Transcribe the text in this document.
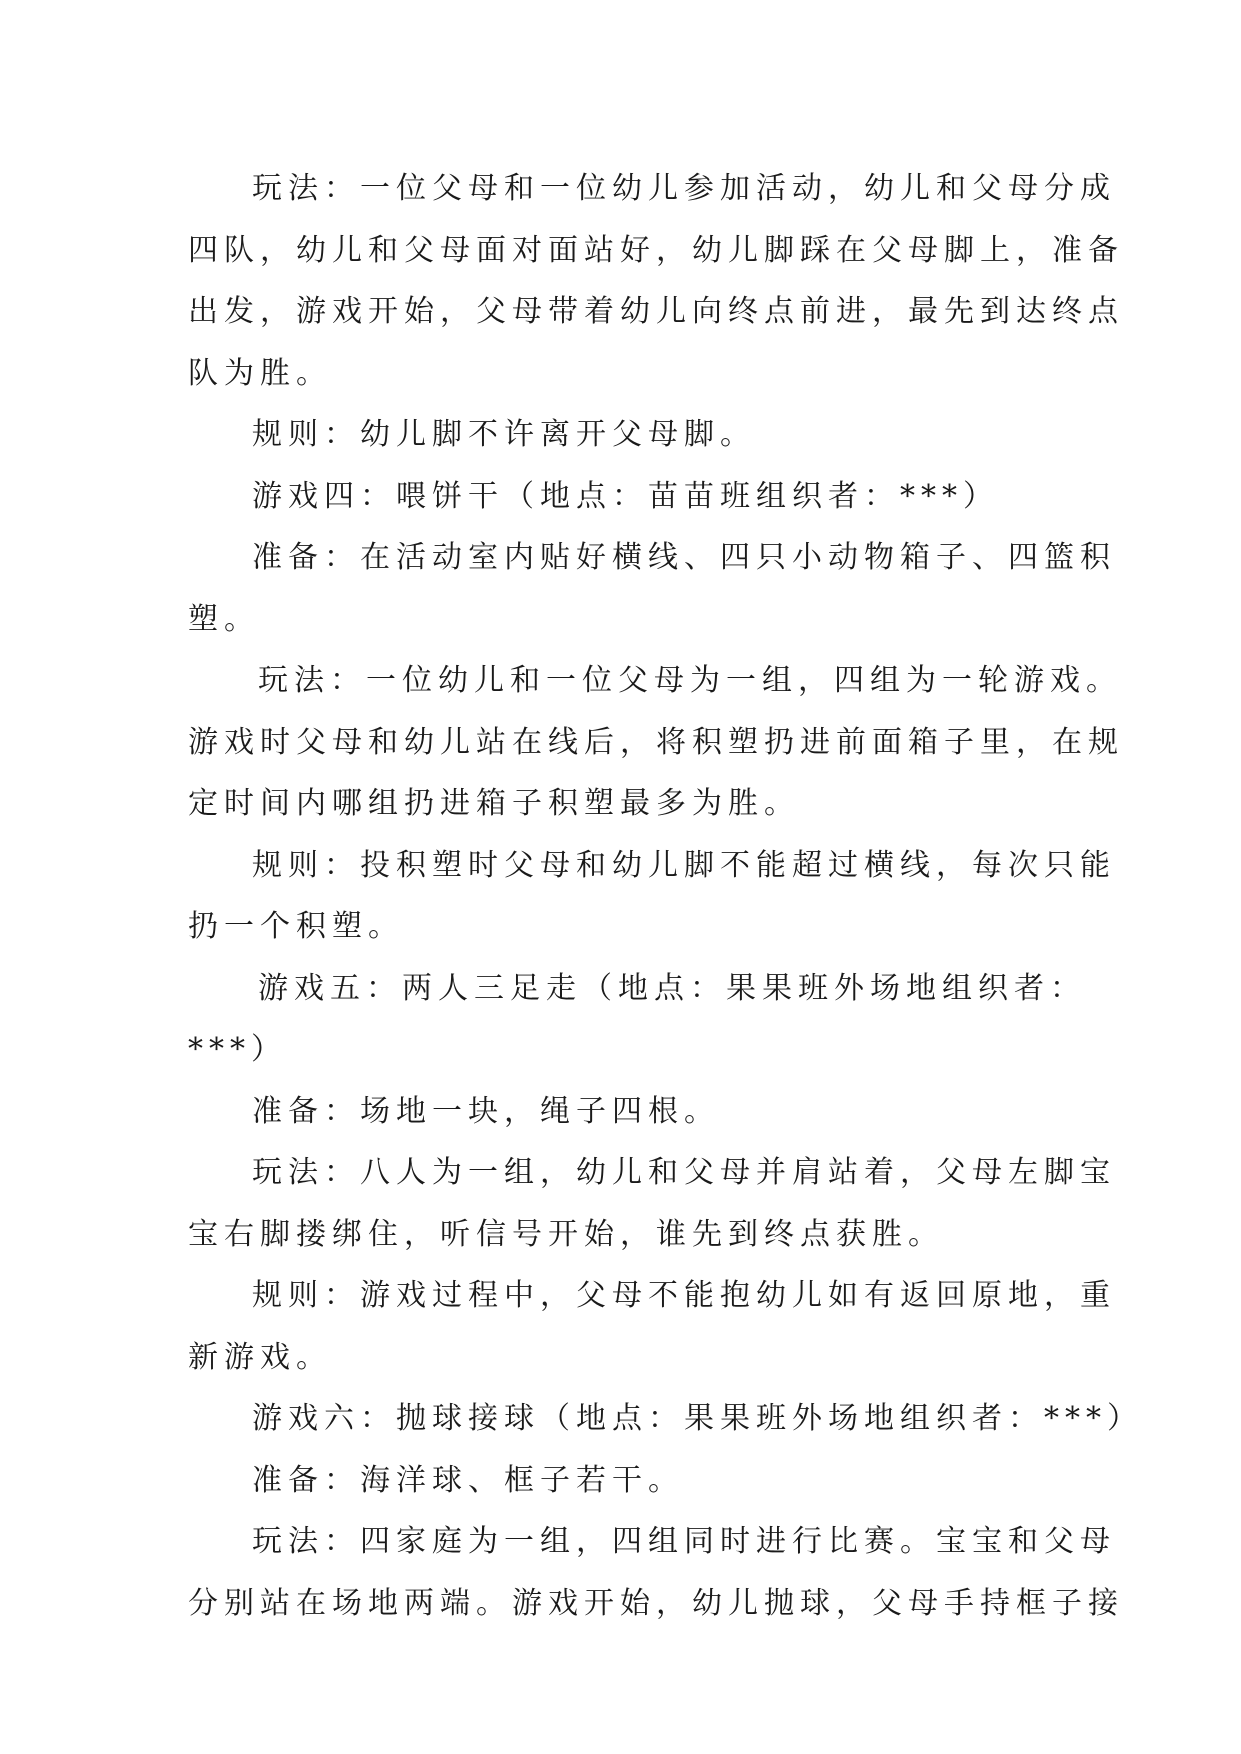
玩法：一位父母和一位幼儿参加活动，幼儿和父母分成
四队，幼儿和父母面对面站好，幼儿脚踩在父母脚上，准备
出发，游戏开始，父母带着幼儿向终点前进，最先到达终点
队为胜。
规则：幼儿脚不许离开父母脚。
游戏四：喂饼干（地点：苗苗班组织者：***）
准备：在活动室内贴好横线、四只小动物箱子、四篮积
塑。
玩法：一位幼儿和一位父母为一组，四组为一轮游戏。
游戏时父母和幼儿站在线后，将积塑扔进前面箱子里，在规
定时间内哪组扔进箱子积塑最多为胜。
规则：投积塑时父母和幼儿脚不能超过横线，每次只能
扔一个积塑。
游戏五：两人三足走（地点：果果班外场地组织者：
***）
准备：场地一块，绳子四根。
玩法：八人为一组，幼儿和父母并肩站着，父母左脚宝
宝右脚搂绑住，听信号开始，谁先到终点获胜。
规则：游戏过程中，父母不能抱幼儿如有返回原地，重
新游戏。
游戏六：抛球接球（地点：果果班外场地组织者：***）
准备：海洋球、框子若干。
玩法：四家庭为一组，四组同时进行比赛。宝宝和父母
分别站在场地两端。游戏开始，幼儿抛球，父母手持框子接
